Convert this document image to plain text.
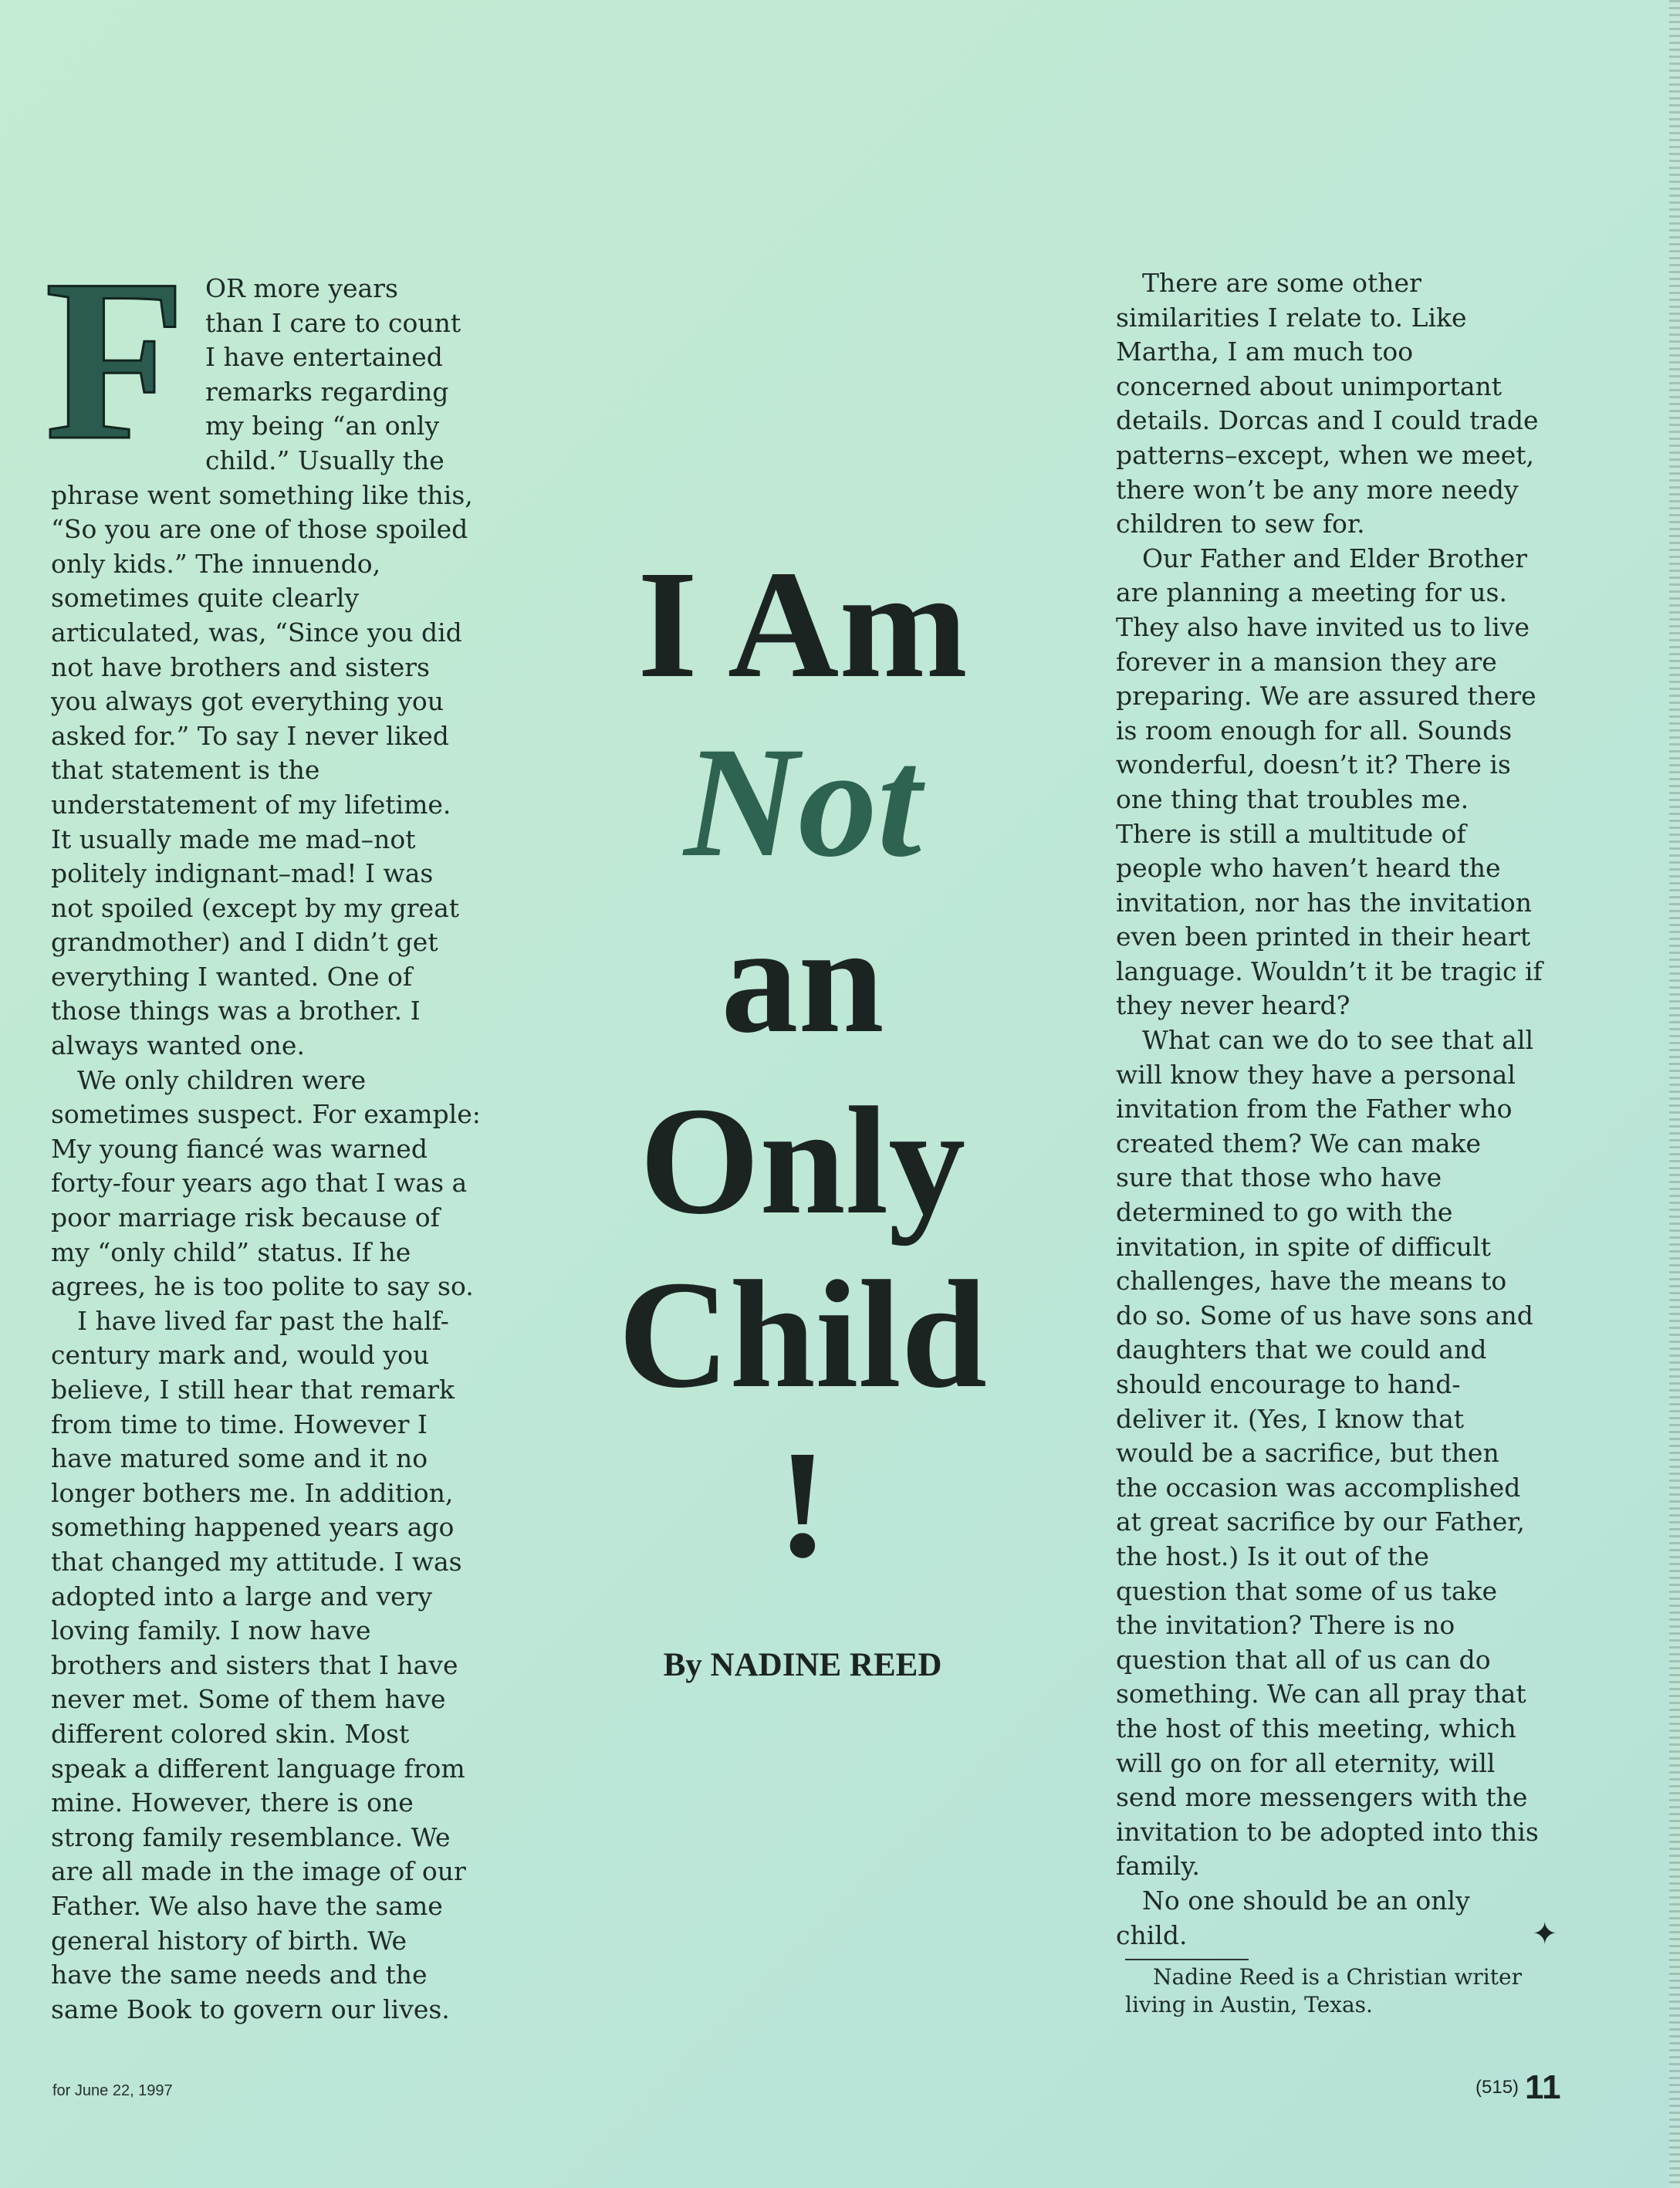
F OR more years
than I care to count
I have entertained
remarks regarding
my being “an only
child.” Usually the

phrase went something like this,
“So you are one of those spoiled
only kids.” The innuendo,
sometimes quite clearly
articulated, was, “Since you did
not have brothers and sisters
you always got everything you
asked for.” To say I never liked
that statement is the
understatement of my lifetime.
It usually made me mad–not
politely indignant–mad! I was
not spoiled (except by my great
grandmother) and I didn’t get
everything I wanted. One of
those things was a brother. I
always wanted one.

We only children were
sometimes suspect. For example:
My young fiancé was warned
forty-four years ago that I was a
poor marriage risk because of
my “only child” status. If he
agrees, he is too polite to say so.

I have lived far past the half-
century mark and, would you
believe, I still hear that remark
from time to time. However I
have matured some and it no
longer bothers me. In addition,
something happened years ago
that changed my attitude. I was
adopted into a large and very
loving family. I now have
brothers and sisters that I have
never met. Some of them have
different colored skin. Most
speak a different language from
mine. However, there is one
strong family resemblance. We
are all made in the image of our
Father. We also have the same
general history of birth. We
have the same needs and the
same Book to govern our lives.

I Am
Not
an
Only
Child
!
By NADINE REED

There are some other
similarities I relate to. Like
Martha, I am much too
concerned about unimportant
details. Dorcas and I could trade
patterns–except, when we meet,
there won’t be any more needy
children to sew for.

Our Father and Elder Brother
are planning a meeting for us.
They also have invited us to live
forever in a mansion they are
preparing. We are assured there
is room enough for all. Sounds
wonderful, doesn’t it? There is
one thing that troubles me.
There is still a multitude of
people who haven’t heard the
invitation, nor has the invitation
even been printed in their heart
language. Wouldn’t it be tragic if
they never heard?

What can we do to see that all
will know they have a personal
invitation from the Father who
created them? We can make
sure that those who have
determined to go with the
invitation, in spite of difficult
challenges, have the means to
do so. Some of us have sons and
daughters that we could and
should encourage to hand-
deliver it. (Yes, I know that
would be a sacrifice, but then
the occasion was accomplished
at great sacrifice by our Father,
the host.) Is it out of the
question that some of us take
the invitation? There is no
question that all of us can do
something. We can all pray that
the host of this meeting, which
will go on for all eternity, will
send more messengers with the
invitation to be adopted into this
family.

No one should be an only
child.	✦

Nadine Reed is a Christian writer
living in Austin, Texas.

for June 22, 1997	(515) 11
